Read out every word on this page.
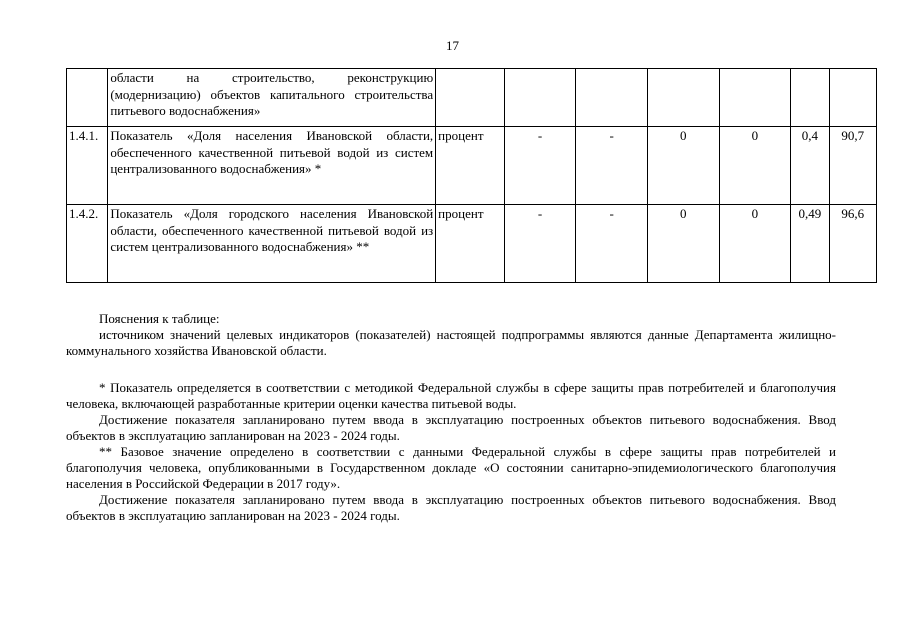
17
	области на строительство, реконструкцию (модернизацию) объектов капитального строительства питьевого водоснабжения»							
1.4.1.	Показатель «Доля населения Ивановской области, обеспеченного качественной питьевой водой из систем централизованного водоснабжения» *	процент	-	-	0	0	0,4	90,7
1.4.2.	Показатель «Доля городского населения Ивановской области, обеспеченного качественной питьевой водой из систем централизованного водоснабжения» **	процент	-	-	0	0	0,49	96,6

Пояснения к таблице:

источником значений целевых индикаторов (показателей) настоящей подпрограммы являются данные Департамента жилищно-коммунального хозяйства Ивановской области.

* Показатель определяется в соответствии с методикой Федеральной службы в сфере защиты прав потребителей и благополучия человека, включающей разработанные критерии оценки качества питьевой воды.

Достижение показателя запланировано путем ввода в эксплуатацию построенных объектов питьевого водоснабжения. Ввод объектов в эксплуатацию запланирован на 2023 - 2024 годы.

** Базовое значение определено в соответствии с данными Федеральной службы в сфере защиты прав потребителей и благополучия человека, опубликованными в Государственном докладе «О состоянии санитарно-эпидемиологического благополучия населения в Российской Федерации в 2017 году».

Достижение показателя запланировано путем ввода в эксплуатацию построенных объектов питьевого водоснабжения. Ввод объектов в эксплуатацию запланирован на 2023 - 2024 годы.
